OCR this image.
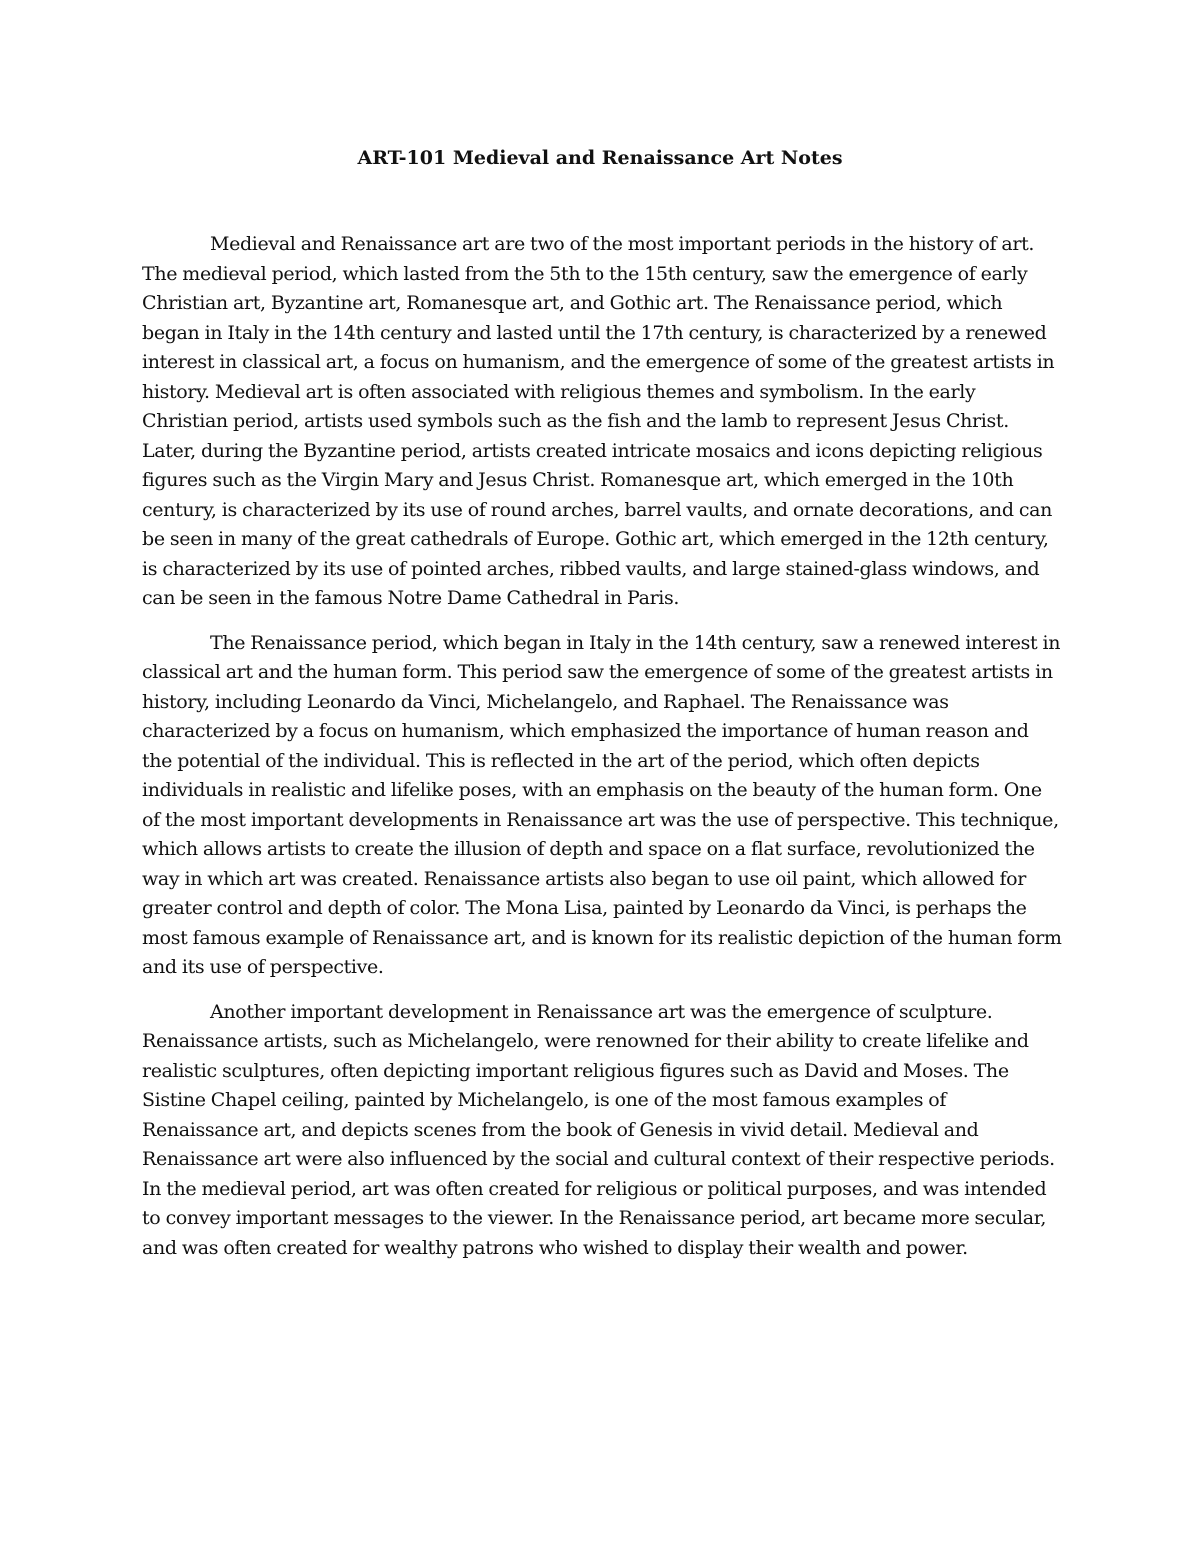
ART-101 Medieval and Renaissance Art Notes

Medieval and Renaissance art are two of the most important periods in the history of art. The medieval period, which lasted from the 5th to the 15th century, saw the emergence of early Christian art, Byzantine art, Romanesque art, and Gothic art. The Renaissance period, which began in Italy in the 14th century and lasted until the 17th century, is characterized by a renewed interest in classical art, a focus on humanism, and the emergence of some of the greatest artists in history. Medieval art is often associated with religious themes and symbolism. In the early Christian period, artists used symbols such as the fish and the lamb to represent Jesus Christ. Later, during the Byzantine period, artists created intricate mosaics and icons depicting religious figures such as the Virgin Mary and Jesus Christ. Romanesque art, which emerged in the 10th century, is characterized by its use of round arches, barrel vaults, and ornate decorations, and can be seen in many of the great cathedrals of Europe. Gothic art, which emerged in the 12th century, is characterized by its use of pointed arches, ribbed vaults, and large stained-glass windows, and can be seen in the famous Notre Dame Cathedral in Paris.

The Renaissance period, which began in Italy in the 14th century, saw a renewed interest in classical art and the human form. This period saw the emergence of some of the greatest artists in history, including Leonardo da Vinci, Michelangelo, and Raphael. The Renaissance was characterized by a focus on humanism, which emphasized the importance of human reason and the potential of the individual. This is reflected in the art of the period, which often depicts individuals in realistic and lifelike poses, with an emphasis on the beauty of the human form. One of the most important developments in Renaissance art was the use of perspective. This technique, which allows artists to create the illusion of depth and space on a flat surface, revolutionized the way in which art was created. Renaissance artists also began to use oil paint, which allowed for greater control and depth of color. The Mona Lisa, painted by Leonardo da Vinci, is perhaps the most famous example of Renaissance art, and is known for its realistic depiction of the human form and its use of perspective.

Another important development in Renaissance art was the emergence of sculpture. Renaissance artists, such as Michelangelo, were renowned for their ability to create lifelike and realistic sculptures, often depicting important religious figures such as David and Moses. The Sistine Chapel ceiling, painted by Michelangelo, is one of the most famous examples of Renaissance art, and depicts scenes from the book of Genesis in vivid detail. Medieval and Renaissance art were also influenced by the social and cultural context of their respective periods. In the medieval period, art was often created for religious or political purposes, and was intended to convey important messages to the viewer. In the Renaissance period, art became more secular, and was often created for wealthy patrons who wished to display their wealth and power.
